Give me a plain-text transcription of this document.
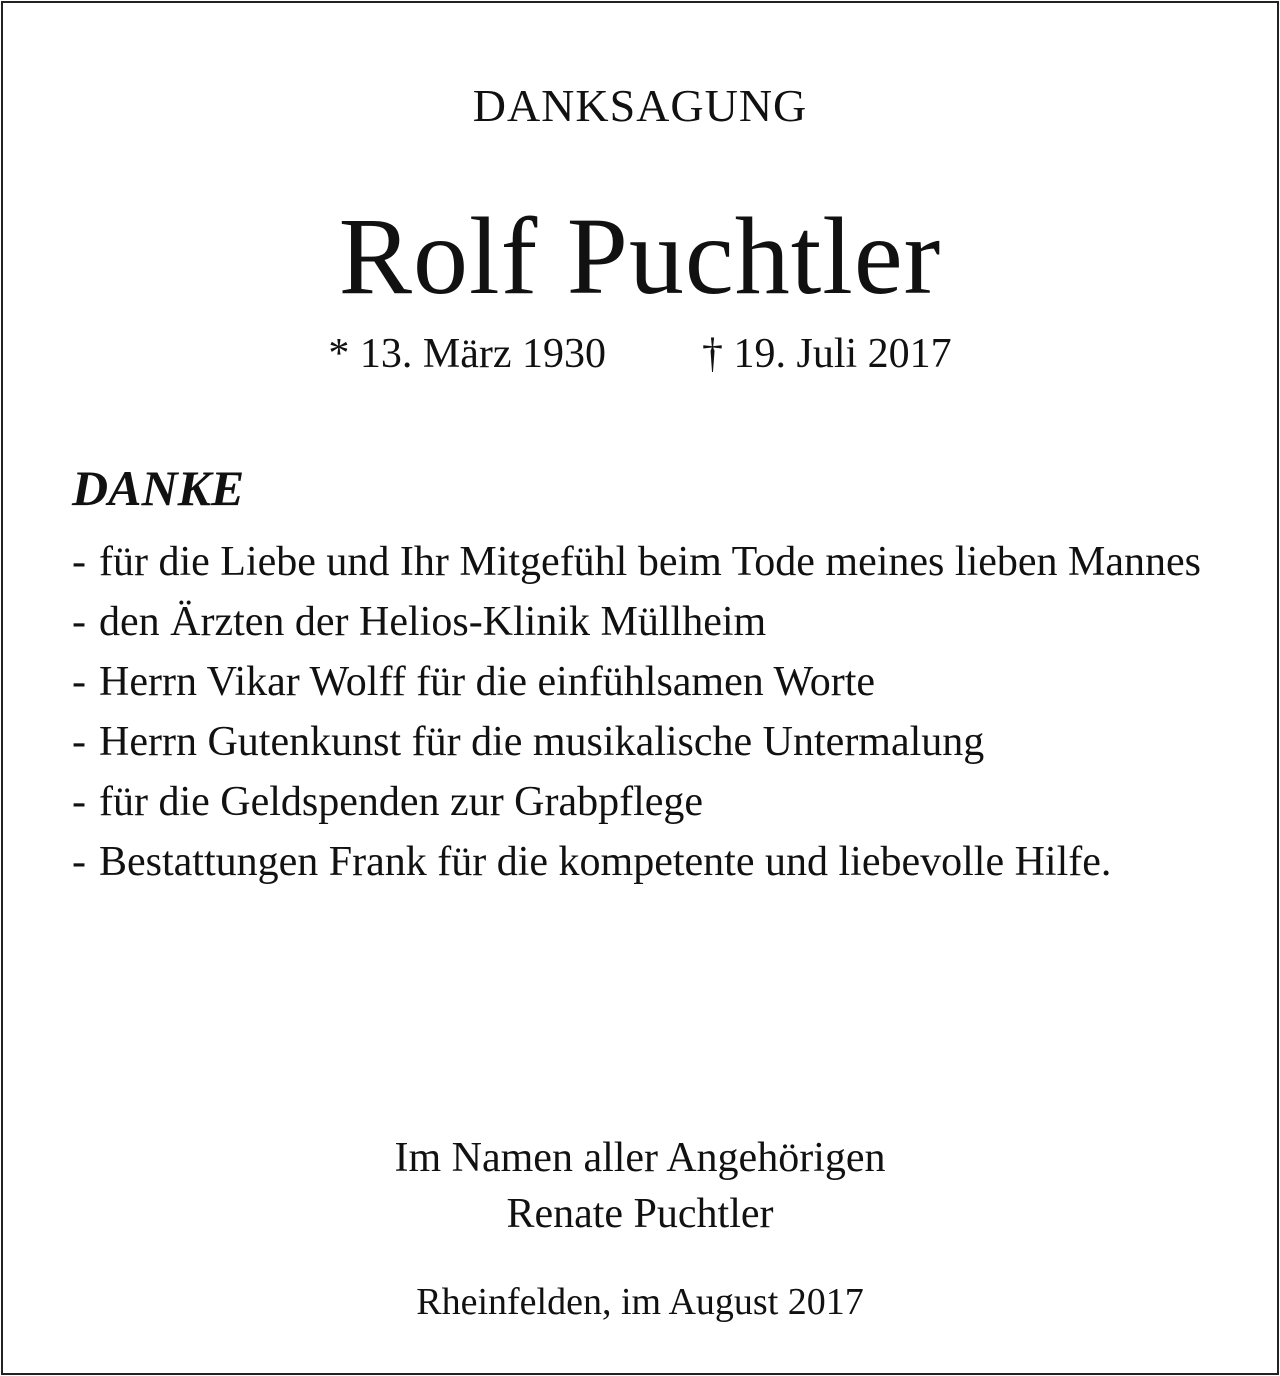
DANKSAGUNG
Rolf Puchtler
* 13. März 1930 † 19. Juli 2017
DANKE
- für die Liebe und Ihr Mitgefühl beim Tode meines lieben Mannes
- den Ärzten der Helios-Klinik Müllheim
- Herrn Vikar Wolff für die einfühlsamen Worte
- Herrn Gutenkunst für die musikalische Untermalung
- für die Geldspenden zur Grabpflege
- Bestattungen Frank für die kompetente und liebevolle Hilfe.
Im Namen aller Angehörigen
Renate Puchtler
Rheinfelden, im August 2017
